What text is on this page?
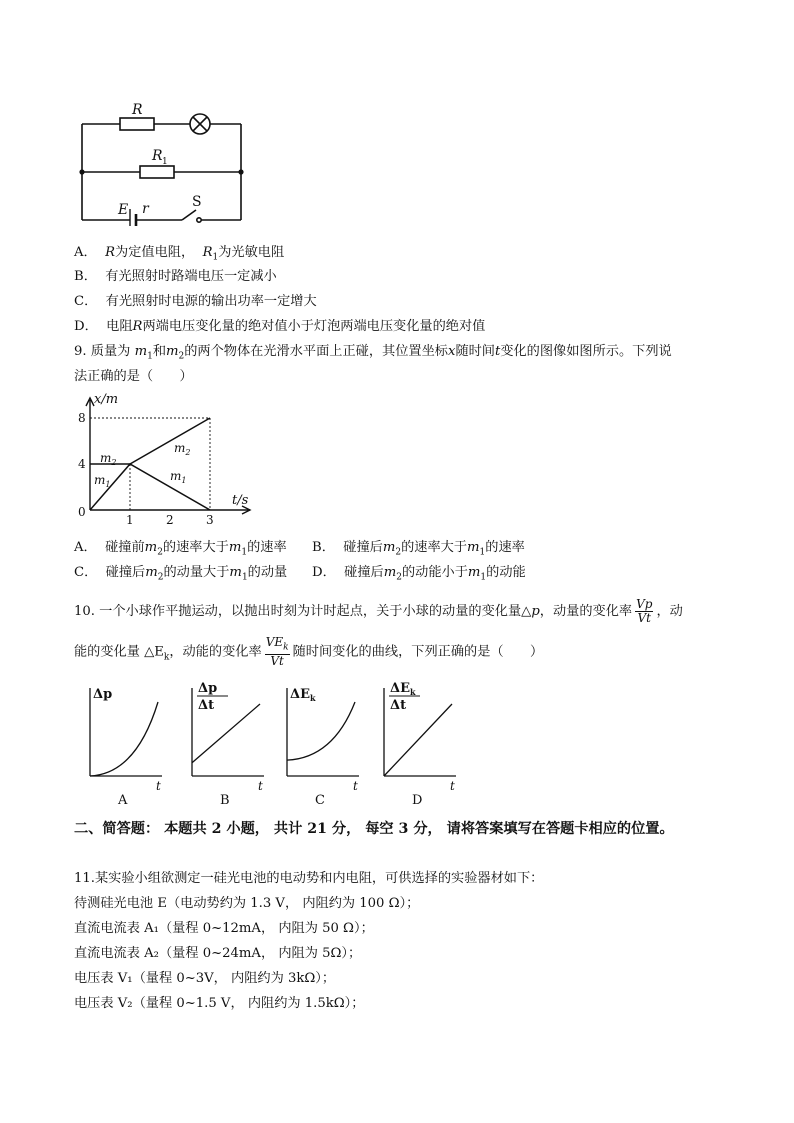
R
R 1
E r	S
A． R为定值电阻， $R_1$为光敏电阻
B． 有光照射时路端电压一定减小
C． 有光照射时电源的输出功率一定增大
D． 电阻R两端电压变化量的绝对值小于灯泡两端电压变化量的绝对值
9. 质量为 $m_1$和$m_2$的两个物体在光滑水平面上正碰，其位置坐标x随时间t变化的图像如图所示。下列说
法正确的是（　　）
x/m
t/s
0
4
8
1	2	3
$m_2$
$m_1$
$m_2$
$m_1$
A． 碰撞前$m_2$的速率大于$m_1$的速率 B． 碰撞后$m_2$的速率大于$m_1$的速率
C． 碰撞后$m_2$的动量大于$m_1$的动量 D． 碰撞后$m_2$的动能小于$m_1$的动能
10. 一个小球作平抛运动，以抛出时刻为计时起点，关于小球的动量的变化量△p，动量的变化率 $\frac{Vp}{Vt}$ ，动
能的变化量 $\triangle E_k$，动能的变化率 $\frac{VE_k}{Vt}$ 随时间变化的曲线，下列正确的是（　　）
t
A
Δp
t
B
Δp
Δt
t
C
$\Delta E_k$
t
D
$\Delta E_k$
Δt
二、简答题： 本题共 2 小题， 共计 21 分， 每空 3 分， 请将答案填写在答题卡相应的位置。
11.某实验小组欲测定一硅光电池的电动势和内电阻，可供选择的实验器材如下：
待测硅光电池 E（电动势约为 1.3 V， 内阻约为 100 Ω）；
直流电流表 A₁（量程 0~12mA， 内阻为 50 Ω）；
直流电流表 A₂（量程 0~24mA， 内阻为 5Ω）；
电压表 V₁（量程 0~3V， 内阻约为 3kΩ）；
电压表 V₂（量程 0~1.5 V， 内阻约为 1.5kΩ）；
